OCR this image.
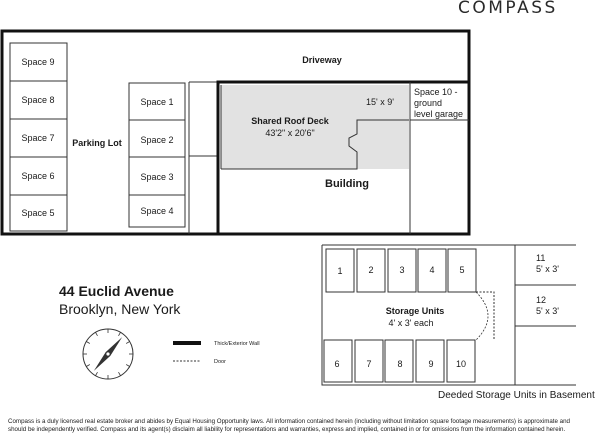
COMPASS
Driveway
Space 9
Space 8
Space 7
Space 6
Space 5
Parking Lot
Space 1
Space 2
Space 3
Space 4
Shared Roof Deck
43'2" x 20'6"
15' x 9'
Space 10 -
ground
level garage
Building
Thick/Exterior Wall
Door
1	2	3	4	5
6	7	8	9 10
Storage Units
4' x 3' each
11
5' x 3'
12
5' x 3'
44 Euclid Avenue
Brooklyn, New York
Deeded Storage Units in Basement
Compass is a duly licensed real estate broker and abides by Equal Housing Opportunity laws. All information contained herein (including without limitation square footage measurements) is approximate and
should be independently verified. Compass and its agent(s) disclaim all liability for representations and warranties, express and implied, contained in or for omissions from the information contained herein.
